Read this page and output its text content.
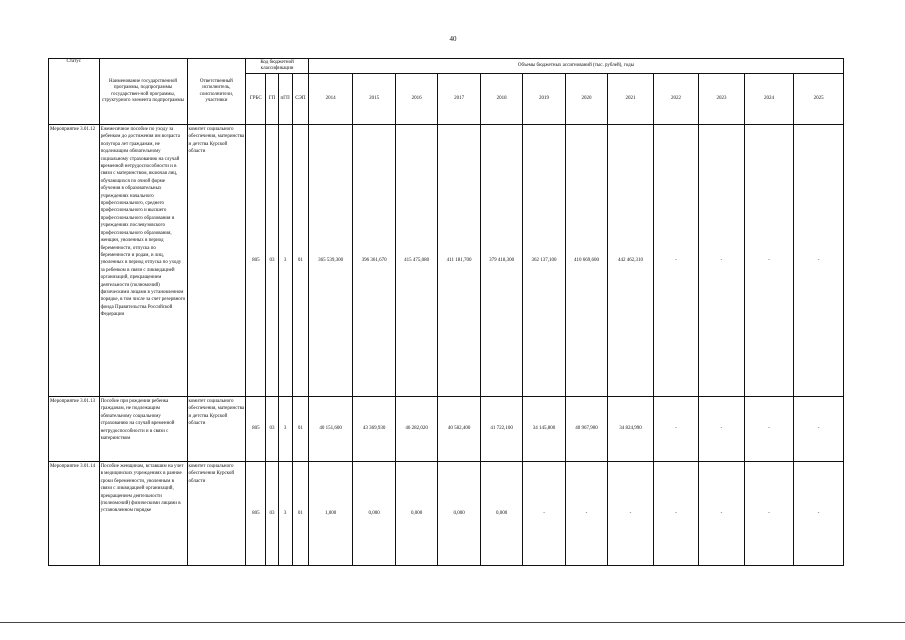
40
Статус	Наименование государственной программы, подпрограммы государствен-ной программы, структурного элемента подпрограммы	Ответственный исполнитель, соисполнители, участники	Код бюджетной классификации				Объемы бюджетных ассигнований (тыс. рублей), годы											
			ГРБС	ГП	пГП	СЭП	2014	2015	2016	2017	2018	2019	2020	2021	2022	2023	2024	2025
Мероприятие 3.01.12	Ежемесячное пособие по уходу за ребенком до достижения им возраста полутора лет гражданам, не подлежащим обязательному социальному страхованию на случай временной нетрудоспособности и в связи с материнством, включая лиц, обучающихся по очной форме обучения в образовательных учреждениях начального профессионального, среднего профессионального и высшего профессионального образования и учреждениях послевузовского профессионального образования, женщин, уволенных в период беременности, отпуска по беременности и родам, и лиц, уволенных в период отпуска по уходу за ребенком в связи с ликвидацией организаций, прекращением деятельности (полномочий) физическими лицами в установленном порядке, в том числе за счет резервного фонда Правительства Российской Федерации	комитет социального обеспечения, материнства и детства Курской области	805	03	3	01	365 539,300	396 361,670	415 475,080	411 181,700	379 418,300	362 137,100	410 669,600	442 462,310	-	-	-	-
Мероприятие 3.01.13	Пособие при рождении ребенка гражданам, не подлежащим обязательному социальному страхованию на случай временной нетрудоспособности и в связи с материнством	комитет социального обеспечения, материнства и детства Курской области	805	03	3	01	40 151,600	43 369,930	46 282,020	40 582,400	41 722,100	34 145,800	40 967,900	34 824,990	-	-	-	-
Мероприятие 3.01.14	Пособие женщинам, вставшим на учет в медицинских учреждениях в ранние сроки беременности, уволенным в связи с ликвидацией организаций, прекращением деятельности (полномочий) физическими лицами в установленном порядке	комитет социального обеспечения Курской области	805	03	3	01	1,000	0,000	0,000	0,000	0,000	-	-	-	-	-	-	-
